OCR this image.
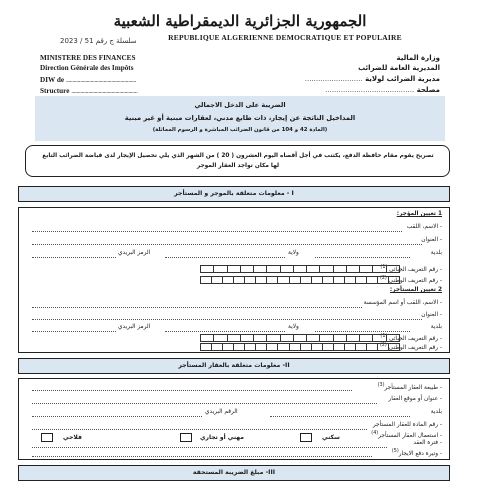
الجمهورية الجزائرية الديمقراطية الشعبية
REPUBLIQUE ALGERIENNE DEMOCRATIQUE ET POPULAIRE
سلسلة ج رقم 51 / 2023
MINISTERE DES FINANCES
Direction Générale des Impôts
DIW de ......................................................
Structure ...................................................
وزارة المالية
المديرية العامة للضرائب
مديرية الضرائب لولاية ..........................
مصلحة ........................................
الضريبة على الدخل الاجمالي
المداخيل الناتجة عن إيجار، ذات طابع مدني، لعقارات مبنية أو غير مبنية
(المادة 42 و 104 من قانون الضرائب المباشرة و الرسوم المماثلة)
تصريح يقوم مقام حافظة الدفع، يكتتب في أجل أقصاه اليوم العشرون ( 20 ) من الشهر الذي يلي تحصيل الإيجار لدى قباضة الضرائب التابع لها مكان تواجد العقار الموجر
I - معلومات متعلقة بالموجر و المستأجر
1 تعيين المؤجر:
- الاسم، اللقب
- العنوان
بلدية
ولاية
الرمز البريدي
- رقم التعريف الجبائي $^{(1)}$
- رقم التعريف الوطني $^{(2)}$
2 تعيين المستأجر:
- الاسم، اللقب أو اسم المؤسسة
- العنوان
بلدية
ولاية
الرمز البريدي
- رقم التعريف الجبائي $^{(1)}$
- رقم التعريف الوطني $^{(2)}$
II- معلومات متعلقة بالعقار المستأجر
- طبيعة العقار المستأجر$^{(3)}$
- عنوان أو موقع العقار
بلدية
الرقم البريدي
- رقم المادة للعقار المستأجر
- استعمال العقار المستأجر$^{(4)}$
سكني
مهني أو تجاري
فلاحي
- فترة العقد
- وتيرة دفع الايجار$^{(5)}$
III- مبلغ الضريبة المستحقة
